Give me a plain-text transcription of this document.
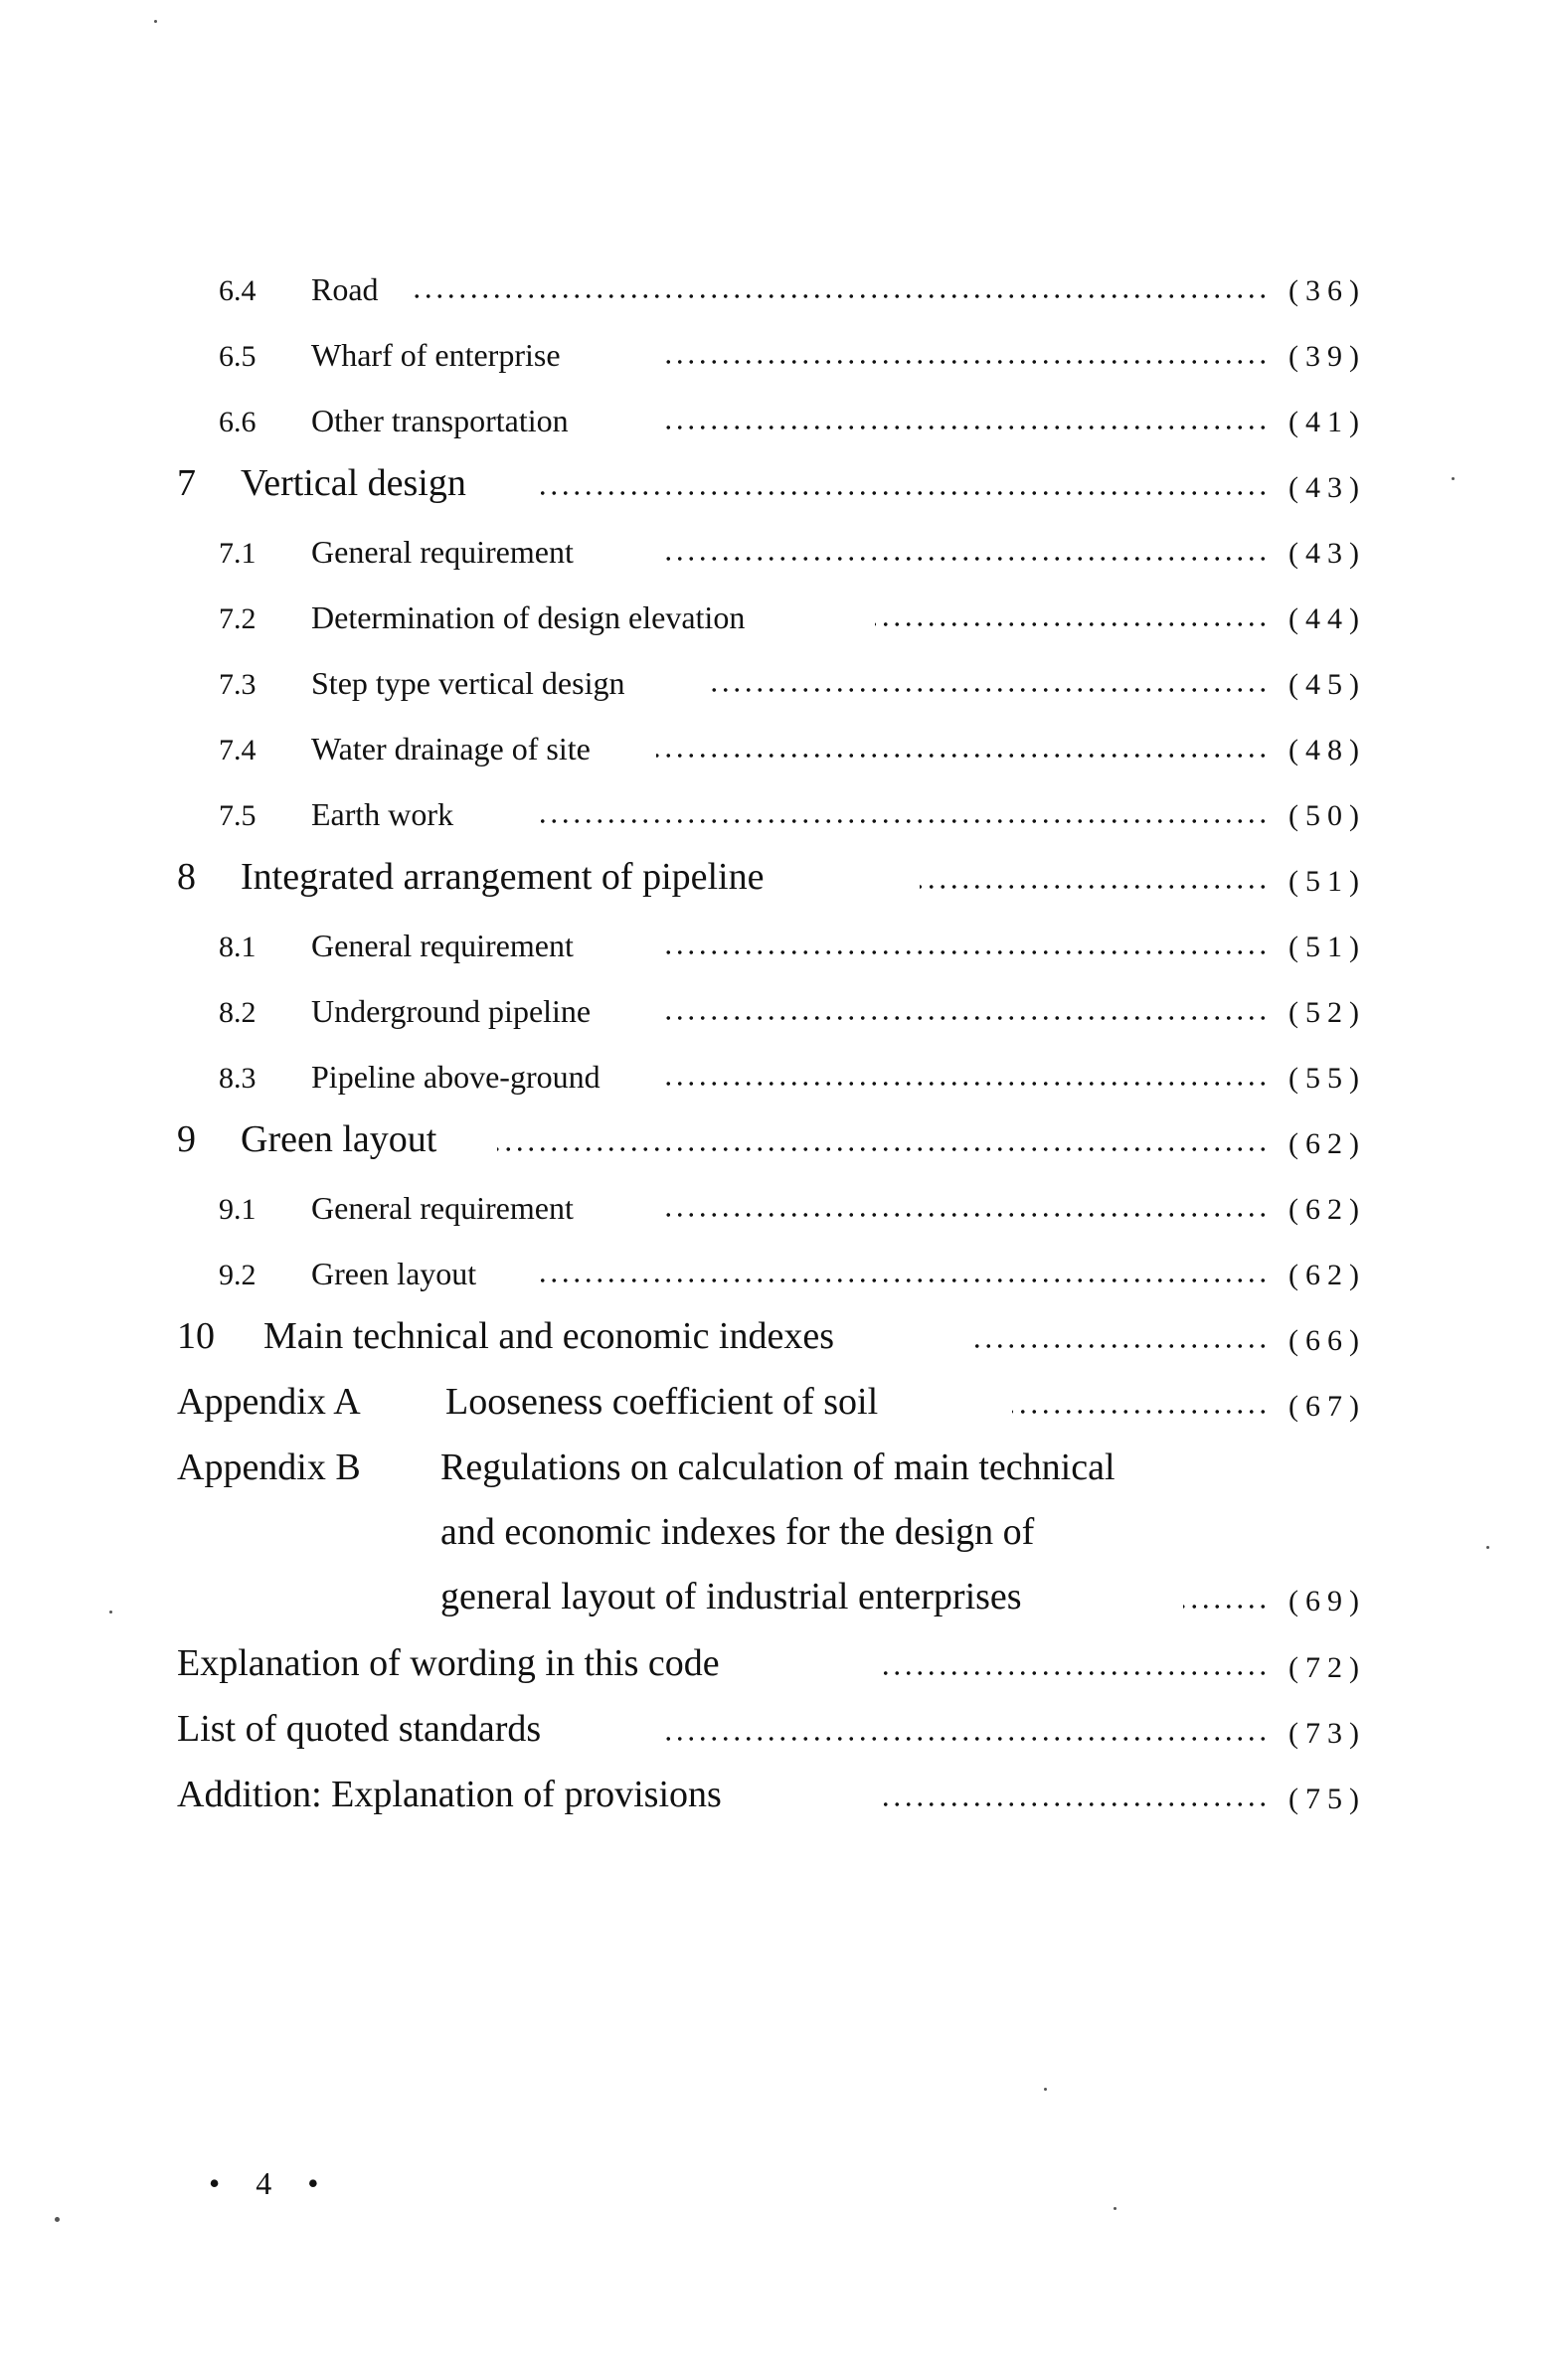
6.4 Road	(36)
6.5 Wharf of enterprise	(39)
6.6 Other transportation	(41)
7 Vertical design	(43)
7.1 General requirement	(43)
7.2 Determination of design elevation	(44)
7.3 Step type vertical design	(45)
7.4 Water drainage of site	(48)
7.5 Earth work	(50)
8 Integrated arrangement of pipeline	(51)
8.1 General requirement	(51)
8.2 Underground pipeline	(52)
8.3 Pipeline above-ground	(55)
9 Green layout	(62)
9.1 General requirement	(62)
9.2 Green layout	(62)
10 Main technical and economic indexes	(66)
Appendix A Looseness coefficient of soil	(67)
Appendix B Regulations on calculation of main technical
and economic indexes for the design of
general layout of industrial enterprises	(69)
Explanation of wording in this code	(72)
List of quoted standards	(73)
Addition: Explanation of provisions	(75)
• 4 •
